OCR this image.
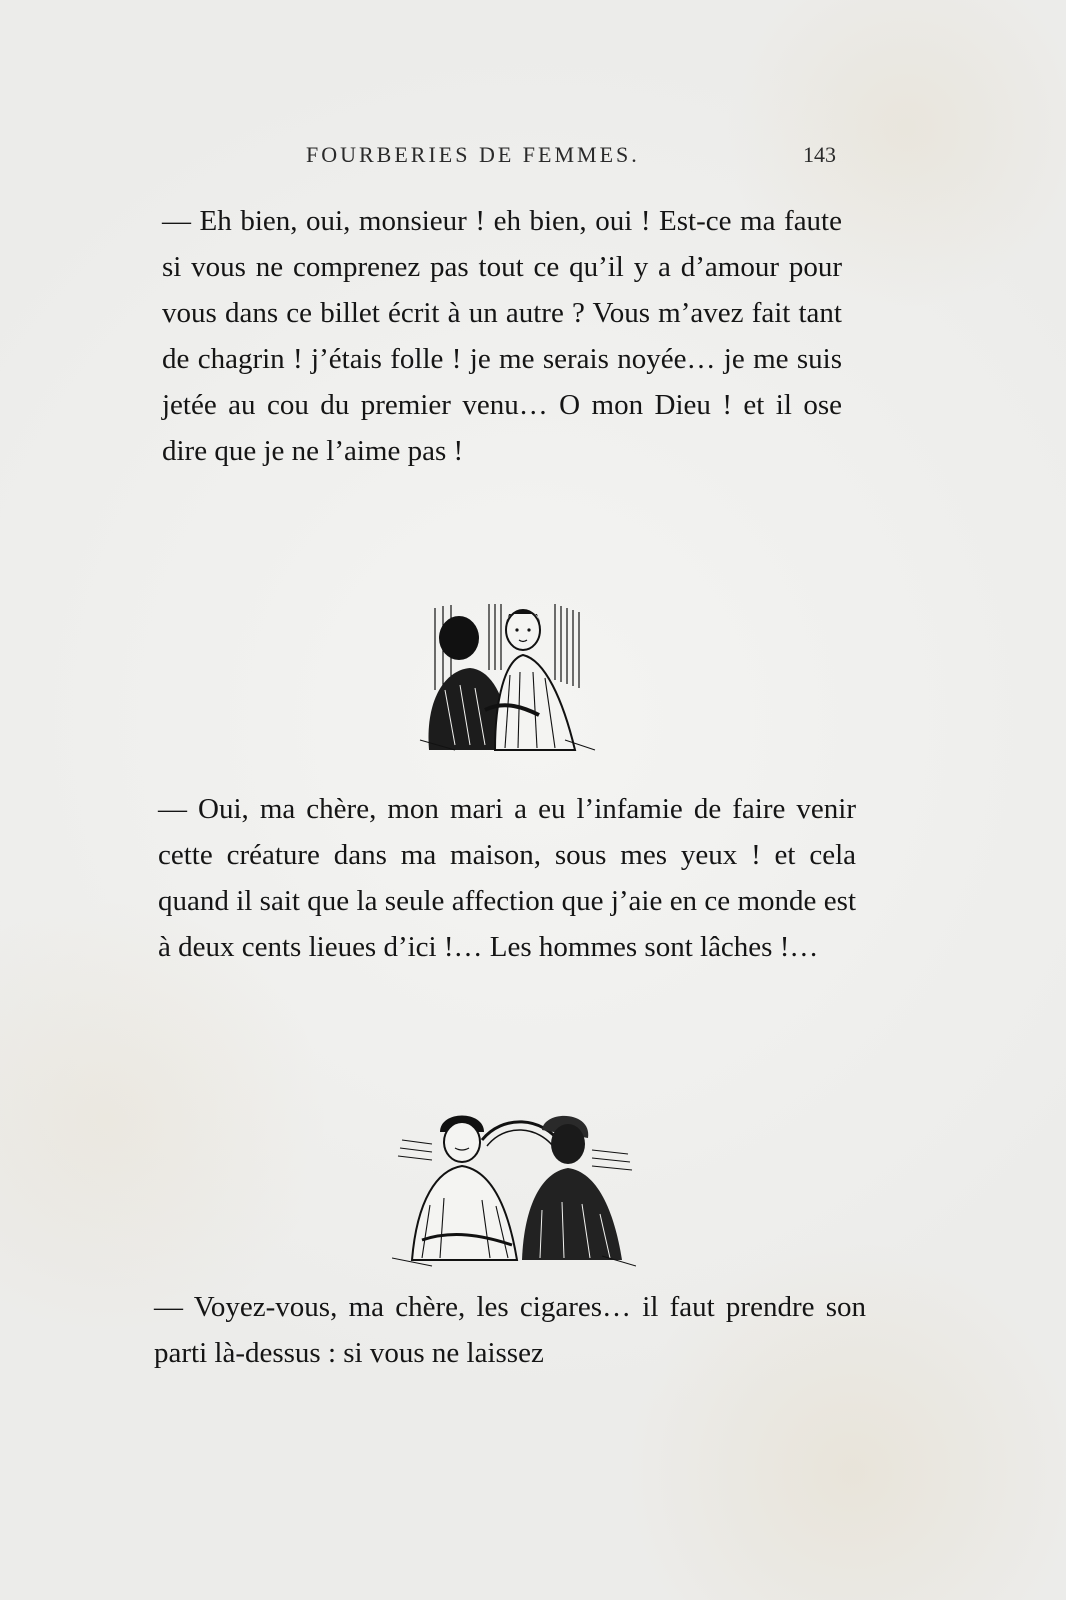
FOURBERIES DE FEMMES.	143
— Eh bien, oui, monsieur ! eh bien, oui ! Est-ce ma faute si vous ne comprenez pas tout ce qu’il y a d’amour pour vous dans ce billet écrit à un autre ? Vous m’avez fait tant de chagrin ! j’étais folle ! je me serais noyée… je me suis jetée au cou du premier venu… O mon Dieu ! et il ose dire que je ne l’aime pas !
— Oui, ma chère, mon mari a eu l’infamie de faire venir cette créature dans ma maison, sous mes yeux ! et cela quand il sait que la seule affection que j’aie en ce monde est à deux cents lieues d’ici !… Les hommes sont lâches !…
— Voyez-vous, ma chère, les cigares… il faut prendre son parti là-dessus : si vous ne laissez
